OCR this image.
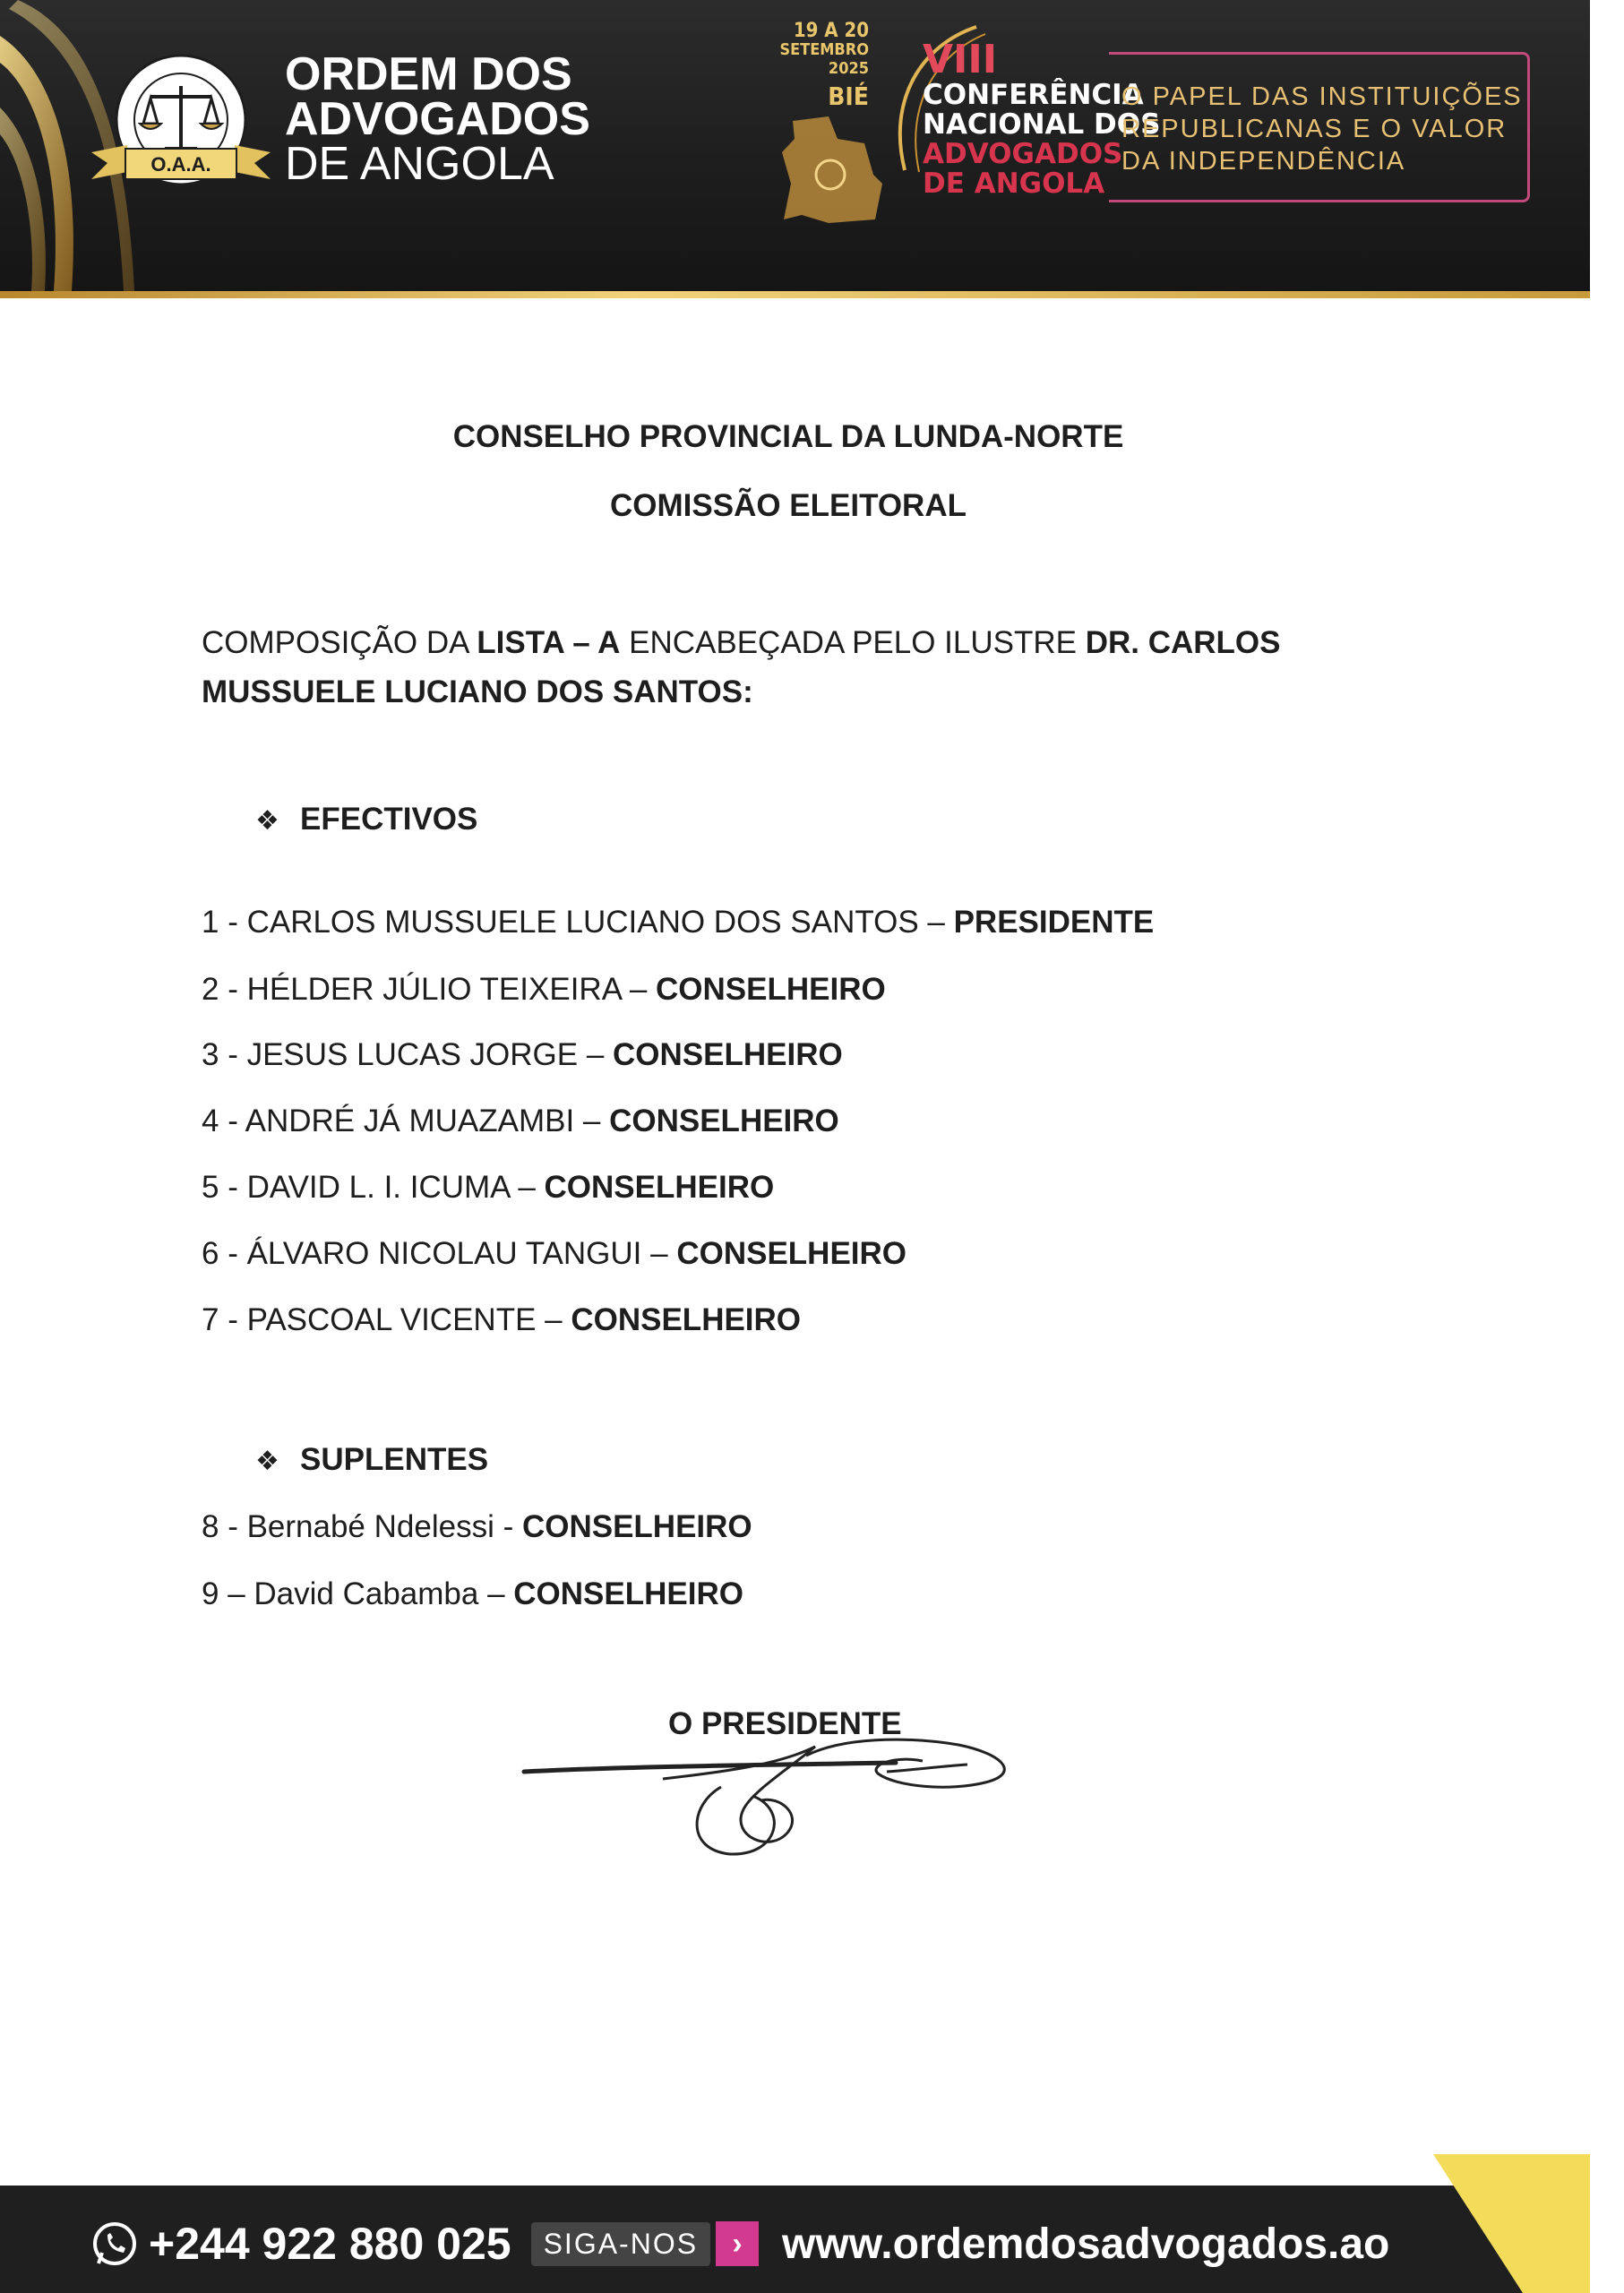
O.A.A.
ORDEM DOS
ADVOGADOS
DE ANGOLA
19 A 20
SETEMBRO
2025
BIÉ
VIII
CONFERÊNCIA
NACIONAL DOS
ADVOGADOS
DE ANGOLA
O PAPEL DAS INSTITUIÇÕES
REPUBLICANAS E O VALOR
DA INDEPENDÊNCIA
CONSELHO PROVINCIAL DA LUNDA-NORTE
COMISSÃO ELEITORAL
COMPOSIÇÃO DA LISTA – A ENCABEÇADA PELO ILUSTRE DR. CARLOS MUSSUELE LUCIANO DOS SANTOS:
❖ EFECTIVOS
1 - CARLOS MUSSUELE LUCIANO DOS SANTOS – PRESIDENTE
2 - HÉLDER JÚLIO TEIXEIRA – CONSELHEIRO
3 - JESUS LUCAS JORGE – CONSELHEIRO
4 - ANDRÉ JÁ MUAZAMBI – CONSELHEIRO
5 - DAVID L. I. ICUMA – CONSELHEIRO
6 - ÁLVARO NICOLAU TANGUI – CONSELHEIRO
7 - PASCOAL VICENTE – CONSELHEIRO
❖ SUPLENTES
8 - Bernabé Ndelessi - CONSELHEIRO
9 – David Cabamba – CONSELHEIRO
O PRESIDENTE
+244 922 880 025	SIGA-NOS	› www.ordemdosadvogados.ao
